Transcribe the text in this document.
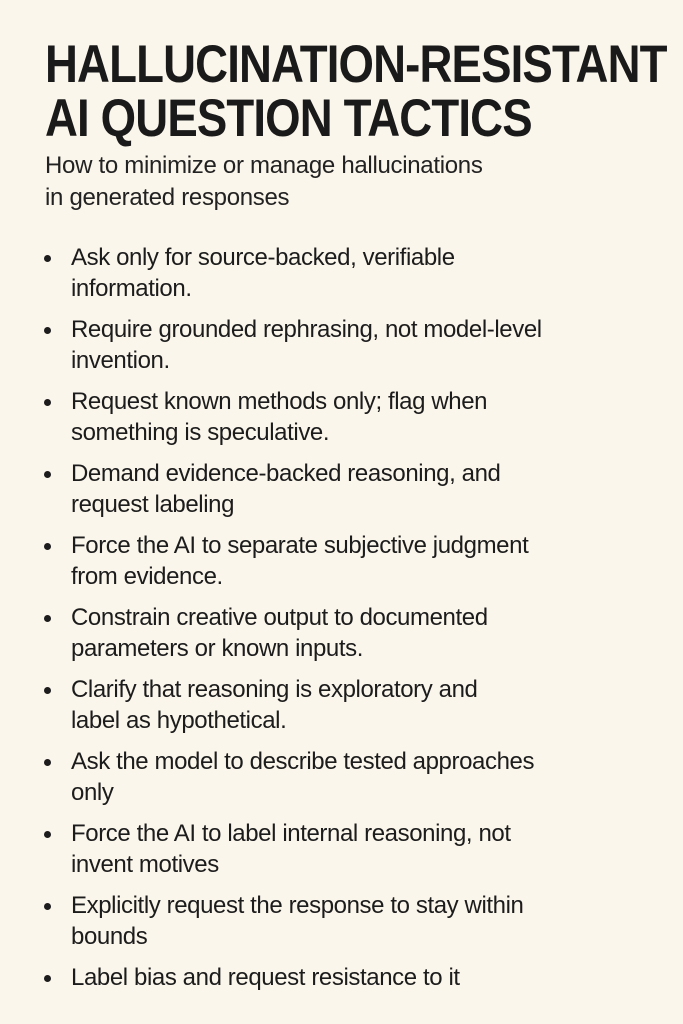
HALLUCINATION-RESISTANT
AI QUESTION TACTICS
How to minimize or manage hallucinations
in generated responses
Ask only for source-backed, verifiable
information.
Require grounded rephrasing, not model-level
invention.
Request known methods only; flag when
something is speculative.
Demand evidence-backed reasoning, and
request labeling
Force the AI to separate subjective judgment
from evidence.
Constrain creative output to documented
parameters or known inputs.
Clarify that reasoning is exploratory and
label as hypothetical.
Ask the model to describe tested approaches
only
Force the AI to label internal reasoning, not
invent motives
Explicitly request the response to stay within
bounds
Label bias and request resistance to it
